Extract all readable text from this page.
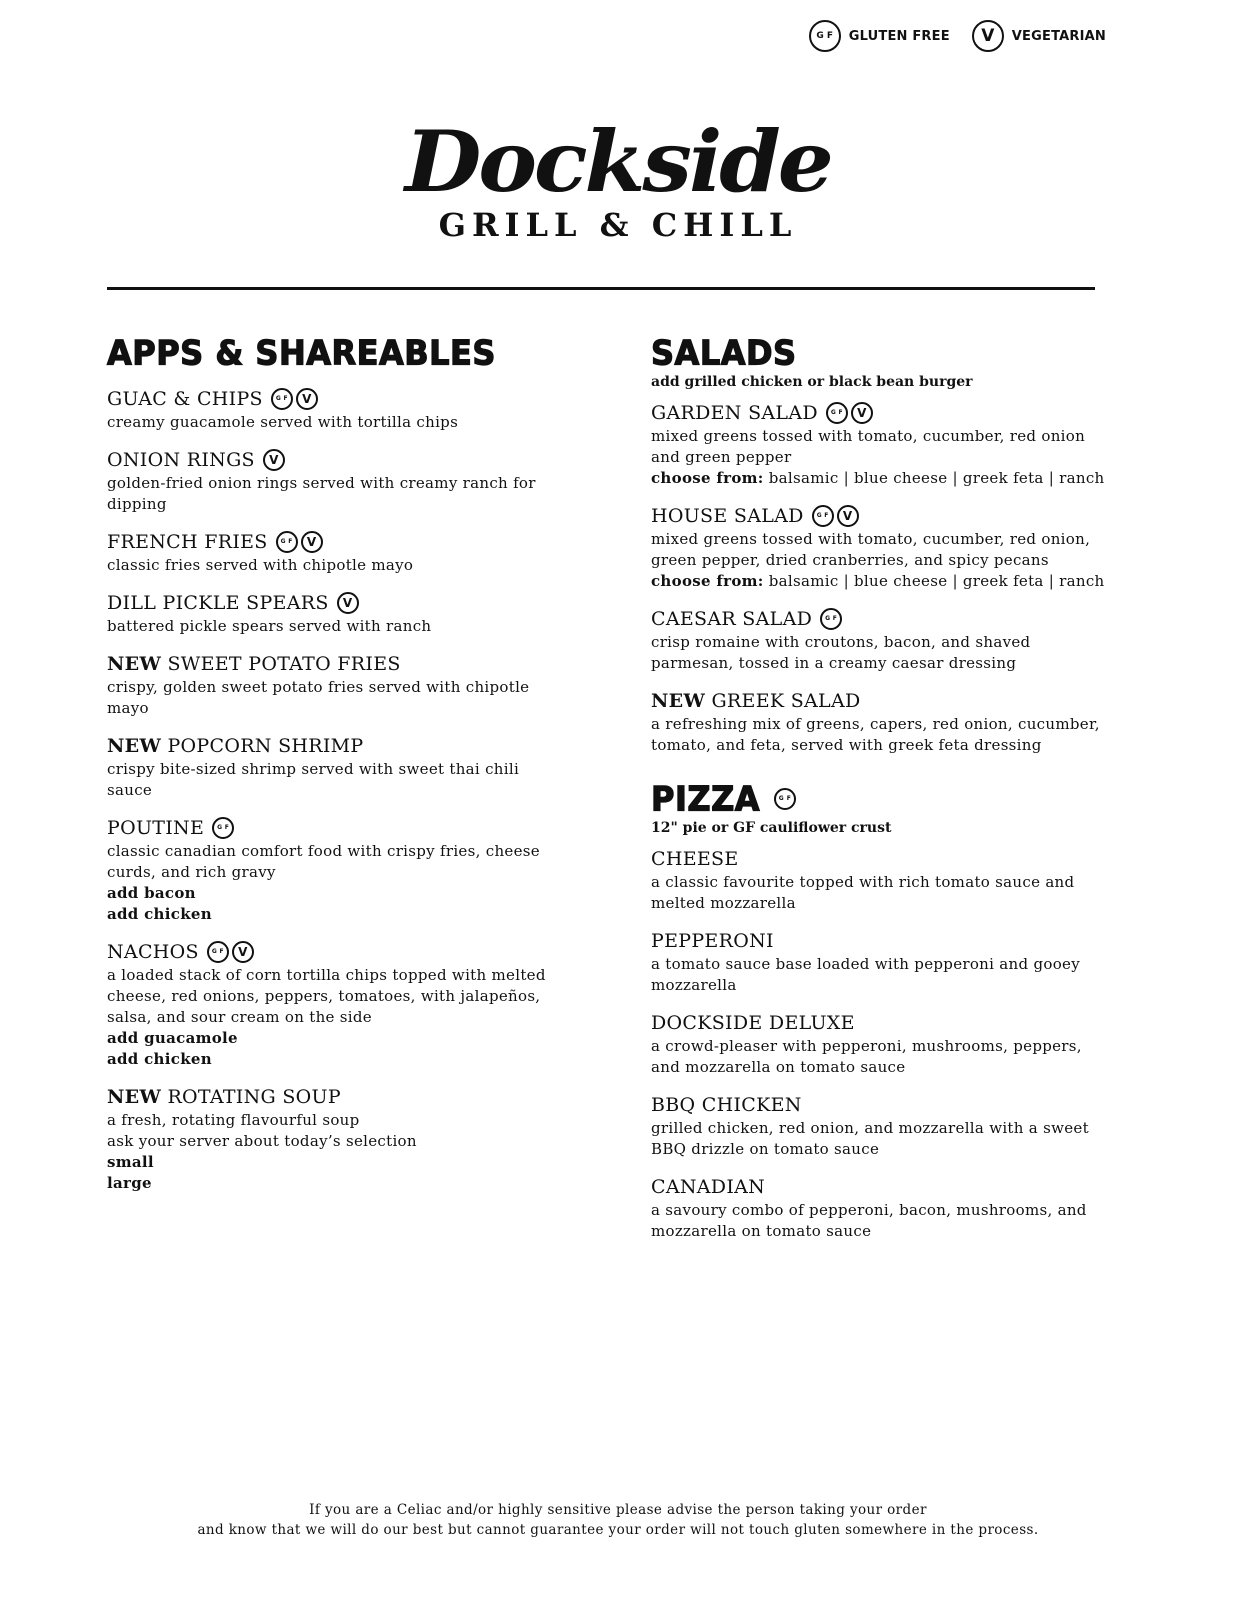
G F	GLUTEN FREE	V	VEGETARIAN
Dockside
GRILL & CHILL
APPS & SHAREABLES
GUAC & CHIPS	G F	V
creamy guacamole served with tortilla chips
ONION RINGS	V
golden-fried onion rings served with creamy ranch for dipping
FRENCH FRIES	G F	V
classic fries served with chipotle mayo
DILL PICKLE SPEARS	V
battered pickle spears served with ranch
NEW SWEET POTATO FRIES
crispy, golden sweet potato fries served with chipotle mayo
NEW POPCORN SHRIMP
crispy bite-sized shrimp served with sweet thai chili sauce
POUTINE	G F
classic canadian comfort food with crispy fries, cheese curds, and rich gravy
add bacon
add chicken
NACHOS	G F	V
a loaded stack of corn tortilla chips topped with melted cheese, red onions, peppers, tomatoes, with jalapeños, salsa, and sour cream on the side
add guacamole
add chicken
NEW ROTATING SOUP
a fresh, rotating flavourful soup
ask your server about today’s selection
small
large
SALADS
add grilled chicken or black bean burger
GARDEN SALAD	G F	V
mixed greens tossed with tomato, cucumber, red onion and green pepper
choose from: balsamic | blue cheese | greek feta | ranch
HOUSE SALAD	G F	V
mixed greens tossed with tomato, cucumber, red onion, green pepper, dried cranberries, and spicy pecans
choose from: balsamic | blue cheese | greek feta | ranch
CAESAR SALAD	G F
crisp romaine with croutons, bacon, and shaved parmesan, tossed in a creamy caesar dressing
NEW GREEK SALAD
a refreshing mix of greens, capers, red onion, cucumber, tomato, and feta, served with greek feta dressing
PIZZA	G F
12" pie or GF cauliflower crust
CHEESE
a classic favourite topped with rich tomato sauce and melted mozzarella
PEPPERONI
a tomato sauce base loaded with pepperoni and gooey mozzarella
DOCKSIDE DELUXE
a crowd-pleaser with pepperoni, mushrooms, peppers, and mozzarella on tomato sauce
BBQ CHICKEN
grilled chicken, red onion, and mozzarella with a sweet BBQ drizzle on tomato sauce
CANADIAN
a savoury combo of pepperoni, bacon, mushrooms, and mozzarella on tomato sauce
If you are a Celiac and/or highly sensitive please advise the person taking your order
and know that we will do our best but cannot guarantee your order will not touch gluten somewhere in the process.
